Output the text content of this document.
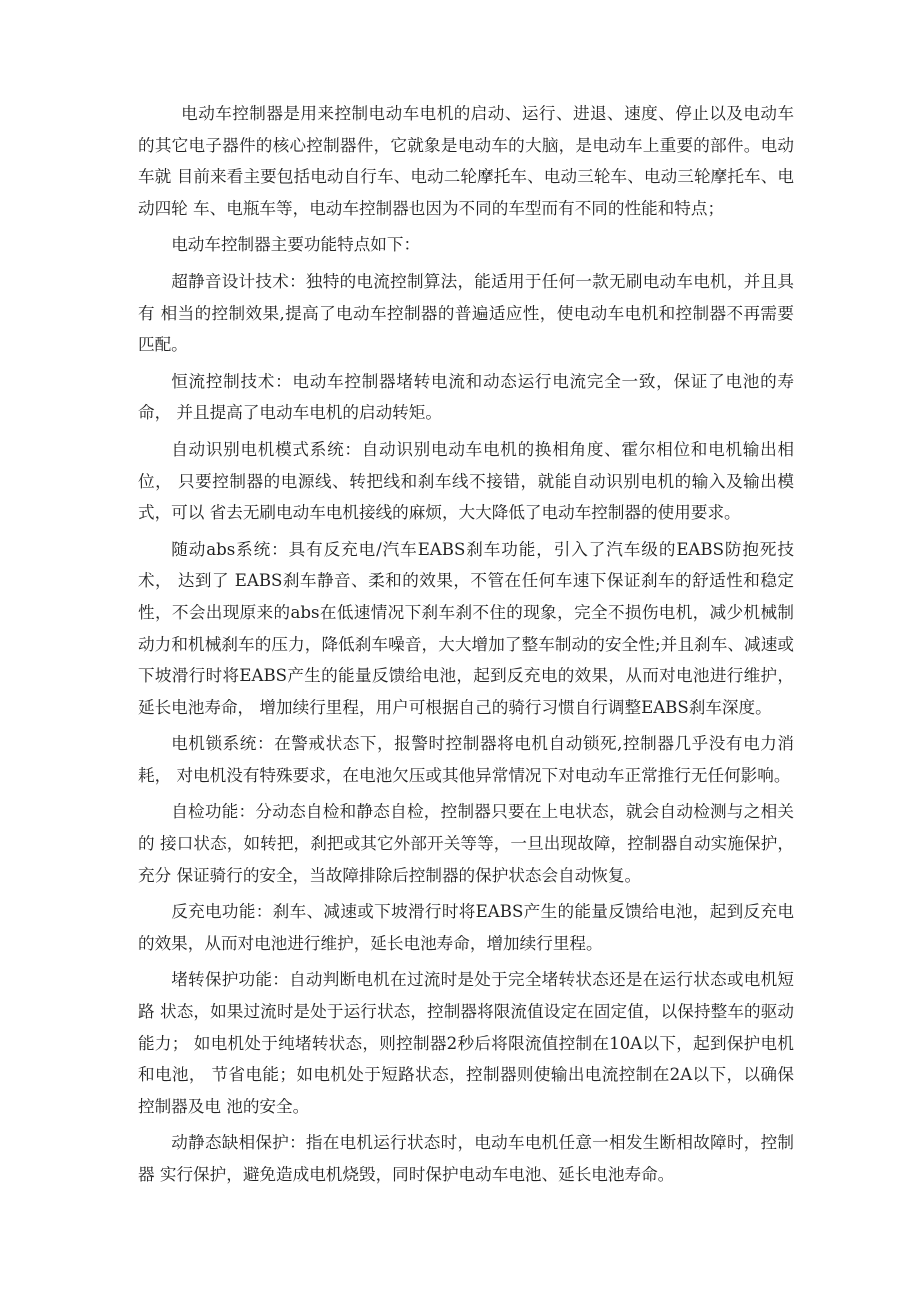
电动车控制器是用来控制电动车电机的启动、运行、进退、速度、停止以及电动车的其它电子器件的核心控制器件，它就象是电动车的大脑，是电动车上重要的部件。电动车就 目前来看主要包括电动自行车、电动二轮摩托车、电动三轮车、电动三轮摩托车、电动四轮 车、电瓶车等，电动车控制器也因为不同的车型而有不同的性能和特点；

电动车控制器主要功能特点如下：

超静音设计技术：独特的电流控制算法，能适用于任何一款无刷电动车电机，并且具有 相当的控制效果,提高了电动车控制器的普遍适应性，使电动车电机和控制器不再需要匹配。

恒流控制技术：电动车控制器堵转电流和动态运行电流完全一致，保证了电池的寿命， 并且提高了电动车电机的启动转矩。

自动识别电机模式系统：自动识别电动车电机的换相角度、霍尔相位和电机输出相位， 只要控制器的电源线、转把线和刹车线不接错，就能自动识别电机的输入及输出模式，可以 省去无刷电动车电机接线的麻烦，大大降低了电动车控制器的使用要求。

随动abs系统：具有反充电/汽车EABS刹车功能，引入了汽车级的EABS防抱死技术， 达到了 EABS刹车静音、柔和的效果，不管在任何车速下保证刹车的舒适性和稳定性，不会出现原来的abs在低速情况下刹车刹不住的现象，完全不损伤电机，减少机械制动力和机械刹车的压力，降低刹车噪音，大大增加了整车制动的安全性;并且刹车、减速或下坡滑行时将EABS产生的能量反馈给电池，起到反充电的效果，从而对电池进行维护，延长电池寿命， 增加续行里程，用户可根据自己的骑行习惯自行调整EABS刹车深度。

电机锁系统：在警戒状态下，报警时控制器将电机自动锁死,控制器几乎没有电力消耗， 对电机没有特殊要求，在电池欠压或其他异常情况下对电动车正常推行无任何影响。

自检功能：分动态自检和静态自检，控制器只要在上电状态，就会自动检测与之相关的 接口状态，如转把，刹把或其它外部开关等等，一旦出现故障，控制器自动实施保护，充分 保证骑行的安全，当故障排除后控制器的保护状态会自动恢复。

反充电功能：刹车、减速或下坡滑行时将EABS产生的能量反馈给电池，起到反充电的效果，从而对电池进行维护，延长电池寿命，增加续行里程。

堵转保护功能：自动判断电机在过流时是处于完全堵转状态还是在运行状态或电机短路 状态，如果过流时是处于运行状态，控制器将限流值设定在固定值，以保持整车的驱动能力； 如电机处于纯堵转状态，则控制器2秒后将限流值控制在10A以下，起到保护电机和电池， 节省电能；如电机处于短路状态，控制器则使输出电流控制在2A以下，以确保控制器及电 池的安全。

动静态缺相保护：指在电机运行状态时，电动车电机任意一相发生断相故障时，控制器 实行保护，避免造成电机烧毁，同时保护电动车电池、延长电池寿命。
